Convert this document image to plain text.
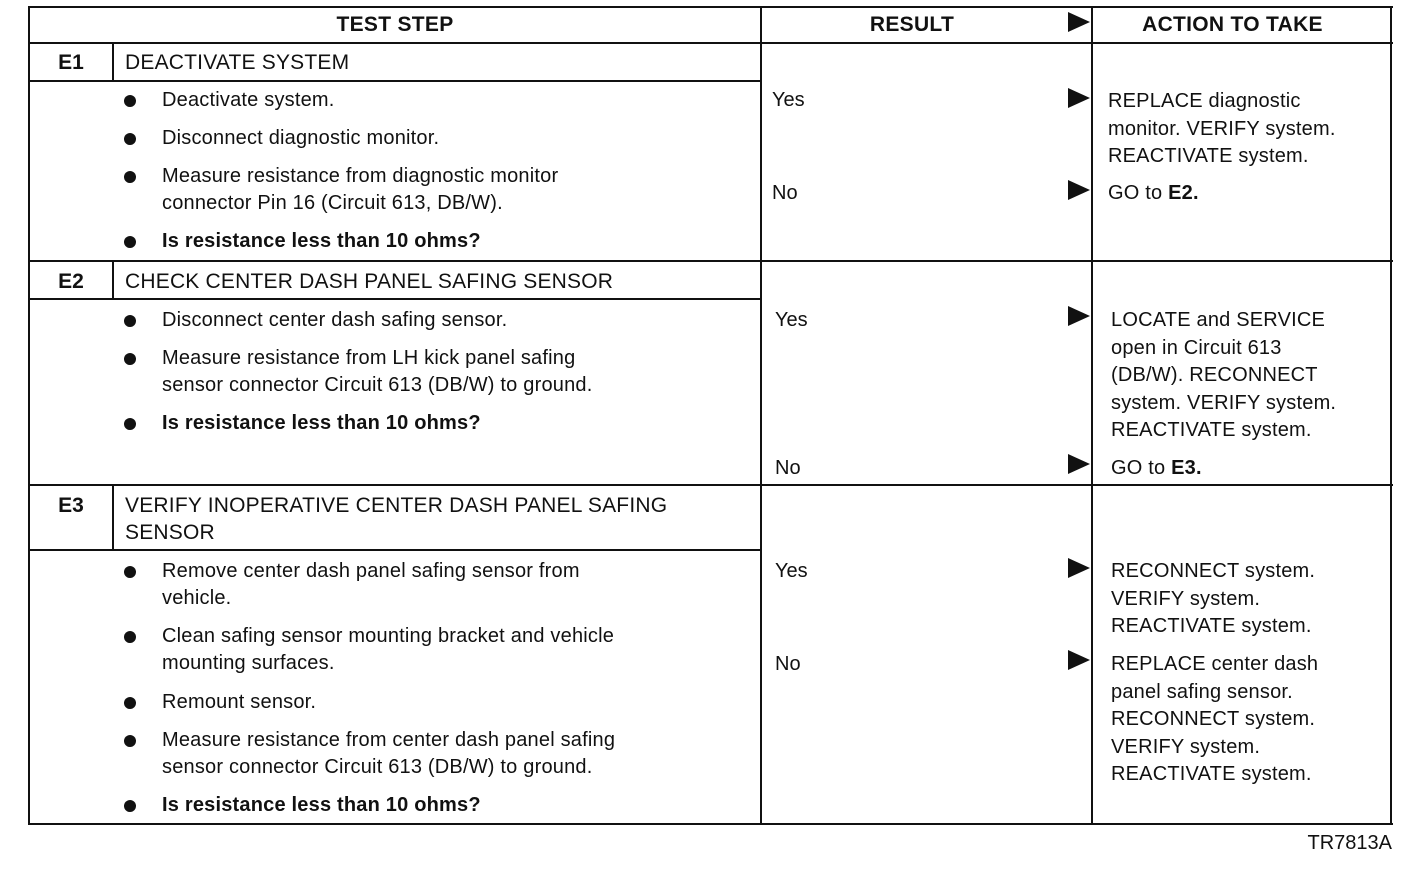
TEST STEP	RESULT	ACTION TO TAKE
E1	DEACTIVATE SYSTEM
Deactivate system.
Disconnect diagnostic monitor.
Measure resistance from diagnostic monitor
connector Pin 16 (Circuit 613, DB/W).
Is resistance less than 10 ohms?
Yes	REPLACE diagnostic
monitor. VERIFY system.
REACTIVATE system.
No	GO to E2.
E2	CHECK CENTER DASH PANEL SAFING SENSOR
Disconnect center dash safing sensor.
Measure resistance from LH kick panel safing
sensor connector Circuit 613 (DB/W) to ground.
Is resistance less than 10 ohms?
Yes	LOCATE and SERVICE
open in Circuit 613
(DB/W). RECONNECT
system. VERIFY system.
REACTIVATE system.
No	GO to E3.
E3	VERIFY INOPERATIVE CENTER DASH PANEL SAFING
SENSOR
Remove center dash panel safing sensor from
vehicle.
Clean safing sensor mounting bracket and vehicle
mounting surfaces.
Remount sensor.
Measure resistance from center dash panel safing
sensor connector Circuit 613 (DB/W) to ground.
Is resistance less than 10 ohms?
Yes	RECONNECT system.
VERIFY system.
REACTIVATE system.
No	REPLACE center dash
panel safing sensor.
RECONNECT system.
VERIFY system.
REACTIVATE system.
TR7813A
